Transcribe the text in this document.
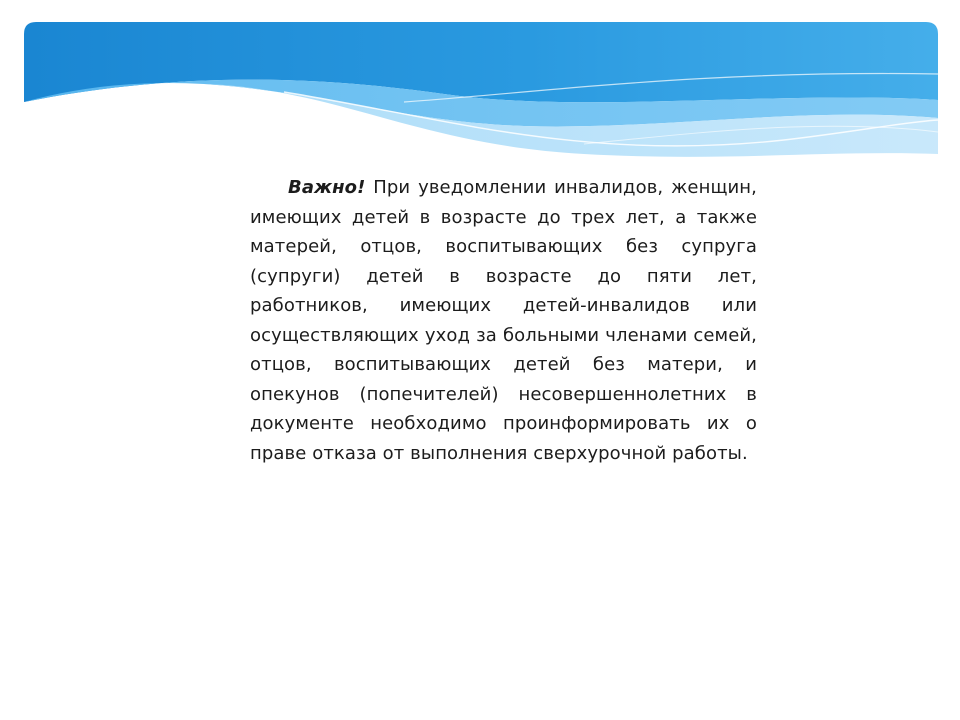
Важно! При уведомлении инвалидов, женщин, имеющих детей в возрасте до трех лет, а также матерей, отцов, воспитывающих без супруга (супруги) детей в возрасте до пяти лет, работников, имеющих детей-инвалидов или осуществляющих уход за больными членами семей, отцов, воспитывающих детей без матери, и опекунов (попечителей) несовершеннолетних в документе необходимо проинформировать их о праве отказа от выполнения сверхурочной работы.
